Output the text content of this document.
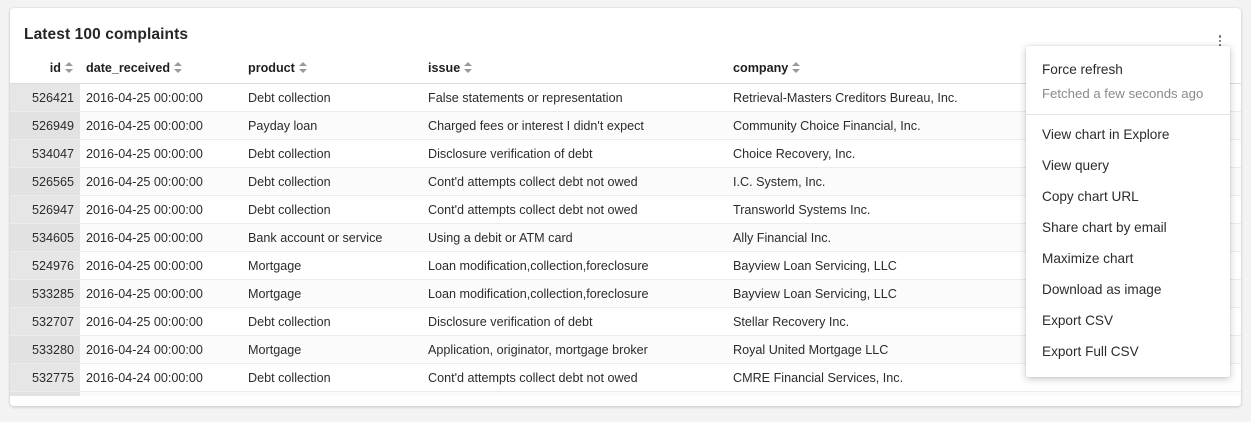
Latest 100 complaints
id	date_received	product	issue	company	
526421	2016-04-25 00:00:00	Debt collection	False statements or representation	Retrieval-Masters Creditors Bureau, Inc.	
526949	2016-04-25 00:00:00	Payday loan	Charged fees or interest I didn't expect	Community Choice Financial, Inc.	
534047	2016-04-25 00:00:00	Debt collection	Disclosure verification of debt	Choice Recovery, Inc.	
526565	2016-04-25 00:00:00	Debt collection	Cont'd attempts collect debt not owed	I.C. System, Inc.	
526947	2016-04-25 00:00:00	Debt collection	Cont'd attempts collect debt not owed	Transworld Systems Inc.	
534605	2016-04-25 00:00:00	Bank account or service	Using a debit or ATM card	Ally Financial Inc.	
524976	2016-04-25 00:00:00	Mortgage	Loan modification,collection,foreclosure	Bayview Loan Servicing, LLC	
533285	2016-04-25 00:00:00	Mortgage	Loan modification,collection,foreclosure	Bayview Loan Servicing, LLC	
532707	2016-04-25 00:00:00	Debt collection	Disclosure verification of debt	Stellar Recovery Inc.	
533280	2016-04-24 00:00:00	Mortgage	Application, originator, mortgage broker	Royal United Mortgage LLC	
532775	2016-04-24 00:00:00	Debt collection	Cont'd attempts collect debt not owed	CMRE Financial Services, Inc.	

Force refresh
Fetched a few seconds ago
View chart in Explore
View query
Copy chart URL
Share chart by email
Maximize chart
Download as image
Export CSV
Export Full CSV
